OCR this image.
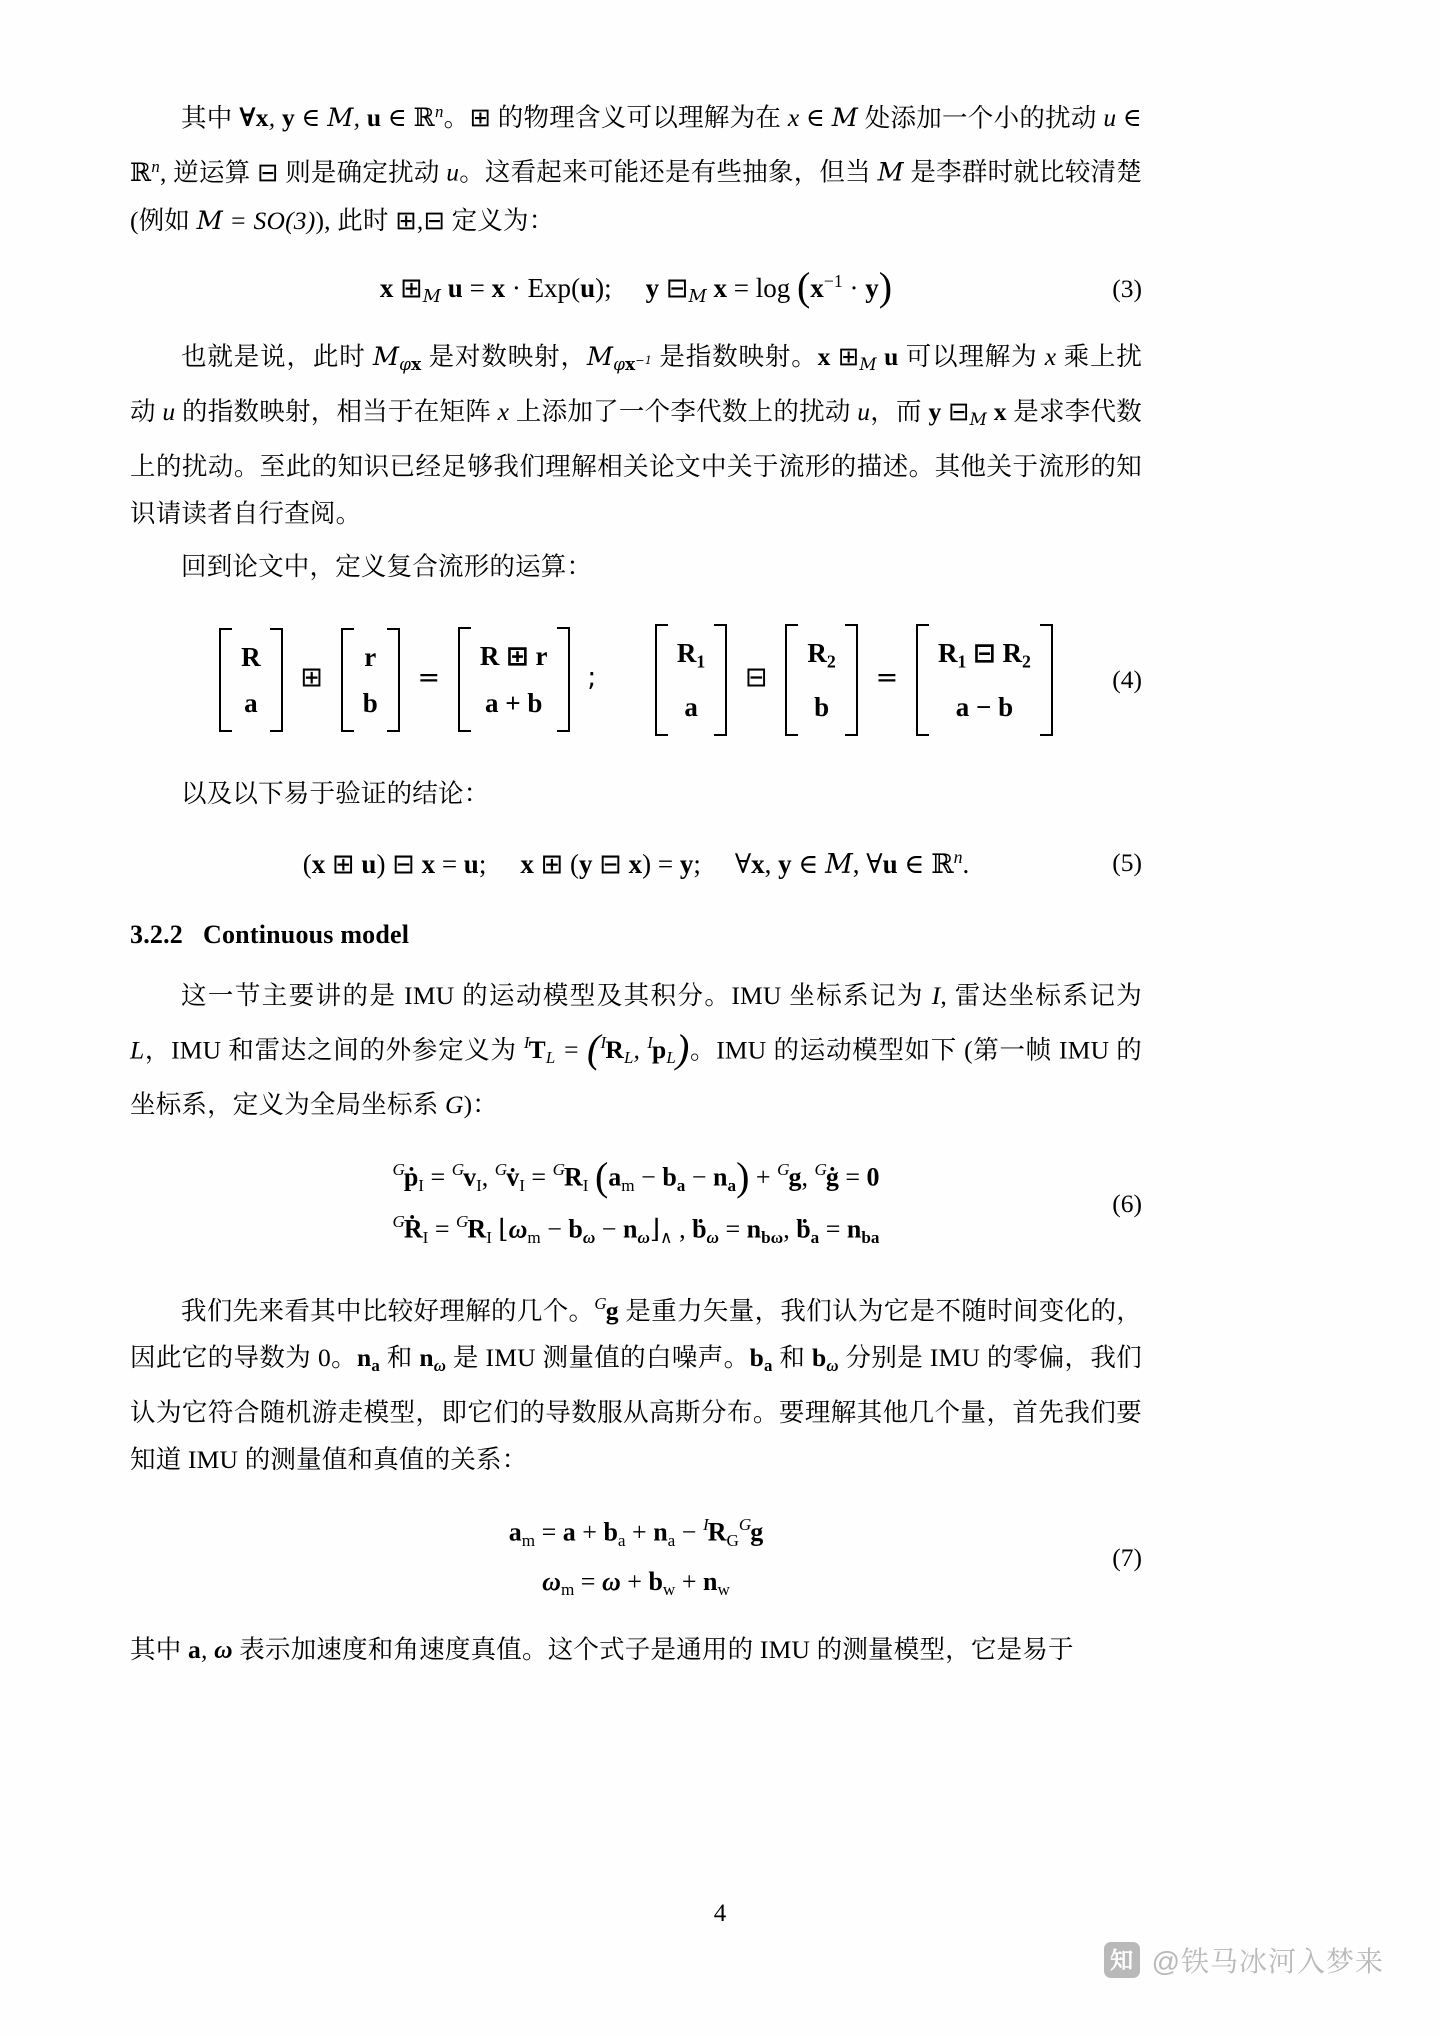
其中 ∀x, y ∈ M, u ∈ ℝ$^n$。⊞ 的物理含义可以理解为在 x ∈ M 处添加一个小的扰动 u ∈ ℝ$^n$, 逆运算 ⊟ 则是确定扰动 u。这看起来可能还是有些抽象，但当 M 是李群时就比较清楚 (例如 M = SO(3)), 此时 ⊞,⊟ 定义为：

x $⊞_M$ u = x · Exp(u); y $⊟_M$ $x = \log (x^{-1} \cdot y)$	(3)

也就是说，此时 $M_{\varphi x}$ 是对数映射，$M_{\varphi x^{-1}}$ 是指数映射。x $⊞_M$ u 可以理解为 x 乘上扰动 u 的指数映射，相当于在矩阵 x 上添加了一个李代数上的扰动 u，而 y $⊟_M$ x 是求李代数上的扰动。至此的知识已经足够我们理解相关论文中关于流形的描述。其他关于流形的知识请读者自行查阅。

回到论文中，定义复合流形的运算：

R
a
⊞
r
b
=
R ⊞ r
a + b
;
$R_1$
a
⊟
$R_2$
b
=
$R_1$ ⊟ $R_2$
a − b
(4)

以及以下易于验证的结论：

(x ⊞ u) ⊟ x = u; x ⊞ (y ⊟ x) = y; ∀x, y ∈ M, ∀u ∈ ℝ$^n$.	(5)
3.2.2 Continuous model

这一节主要讲的是 IMU 的运动模型及其积分。IMU 坐标系记为 I, 雷达坐标系记为 L，IMU 和雷达之间的外参定义为 $^IT_L = (^IR_L$, $^Ip_L$)。IMU 的运动模型如下 (第一帧 IMU 的坐标系，定义为全局坐标系 G)：

$^G$ṗ$_I$ = $^Gv_I$, $^Gv̇_I = ^GR_I$ $(a_m - b_a - n_a) + ^Gg$, $^G$ġ = 0
$^G$Ṙ$_I$ = $^GR_I$ $⌊\omega_m - b_\omega$ − $n_\omega⌋_\wedge$ , ḃ$_\omega$ = $n_{b\omega}$, ḃ$_a$ = $n_{ba}$
(6)

我们先来看其中比较好理解的几个。$^G$g 是重力矢量，我们认为它是不随时间变化的，因此它的导数为 0。$n_a$ 和 $n_\omega$ 是 IMU 测量值的白噪声。$b_a$ 和 $b_\omega$ 分别是 IMU 的零偏，我们认为它符合随机游走模型，即它们的导数服从高斯分布。要理解其他几个量，首先我们要知道 IMU 的测量值和真值的关系：

$a_m = a + b_a + n_a - ^IR_G^Gg$
$\omega_m = \omega + b_w + n_w$
(7)

其中 a, ω 表示加速度和角速度真值。这个式子是通用的 IMU 的测量模型，它是易于

4
知 @铁马冰河入梦来
